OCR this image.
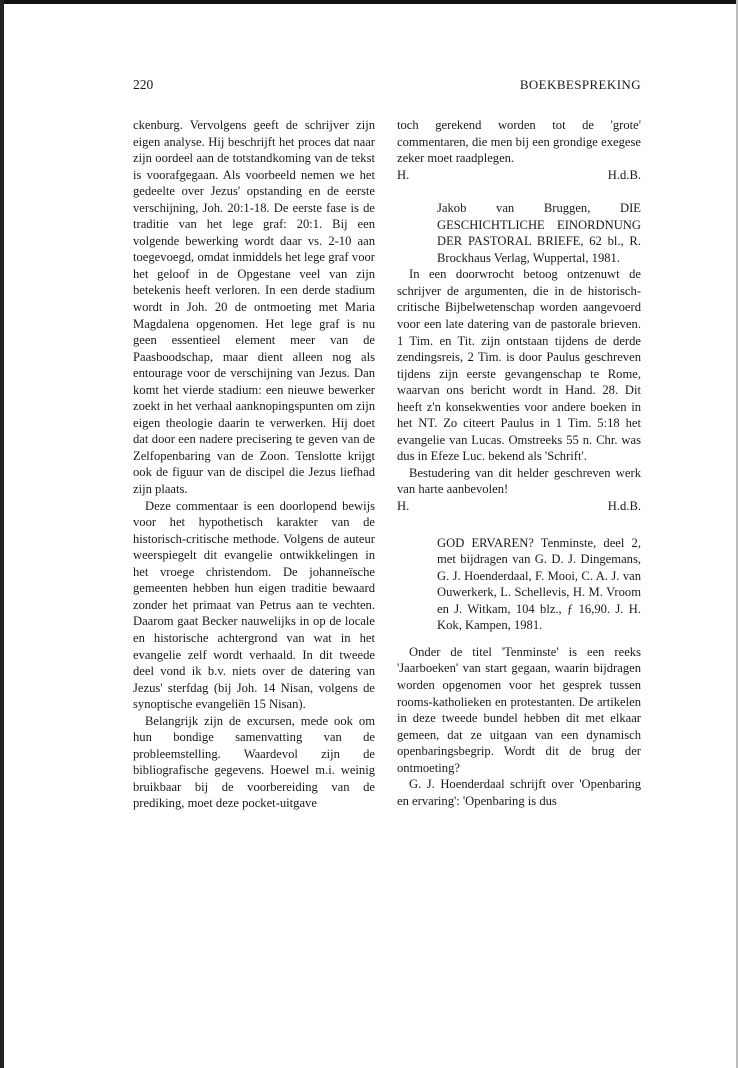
220	BOEKBESPREKING

ckenburg. Vervolgens geeft de schrijver zijn eigen analyse. Hij beschrijft het proces dat naar zijn oordeel aan de totstandkoming van de tekst is voorafgegaan. Als voorbeeld nemen we het gedeelte over Jezus' opstanding en de eerste verschijning, Joh. 20:1-18. De eerste fase is de traditie van het lege graf: 20:1. Bij een volgende bewerking wordt daar vs. 2-10 aan toegevoegd, omdat inmiddels het lege graf voor het geloof in de Opgestane veel van zijn betekenis heeft verloren. In een derde stadium wordt in Joh. 20 de ontmoeting met Maria Magdalena opgenomen. Het lege graf is nu geen essentieel element meer van de Paasboodschap, maar dient alleen nog als entourage voor de verschijning van Jezus. Dan komt het vierde stadium: een nieuwe bewerker zoekt in het verhaal aanknopingspunten om zijn eigen theologie daarin te verwerken. Hij doet dat door een nadere precisering te geven van de Zelfopenbaring van de Zoon. Tenslotte krijgt ook de figuur van de discipel die Jezus liefhad zijn plaats.

Deze commentaar is een doorlopend bewijs voor het hypothetisch karakter van de historisch-critische methode. Volgens de auteur weerspiegelt dit evangelie ontwikkelingen in het vroege christendom. De johanneïsche gemeenten hebben hun eigen traditie bewaard zonder het primaat van Petrus aan te vechten. Daarom gaat Becker nauwelijks in op de locale en historische achtergrond van wat in het evangelie zelf wordt verhaald. In dit tweede deel vond ik b.v. niets over de datering van Jezus' sterfdag (bij Joh. 14 Nisan, volgens de synoptische evangeliën 15 Nisan).

Belangrijk zijn de excursen, mede ook om hun bondige samenvatting van de probleemstelling. Waardevol zijn de bibliografische gegevens. Hoewel m.i. weinig bruikbaar bij de voorbereiding van de prediking, moet deze pocket-uitgave

toch gerekend worden tot de 'grote' commentaren, die men bij een grondige exegese zeker moet raadplegen.

H.	H.d.B.

Jakob van Bruggen, DIE GESCHICHTLICHE EINORDNUNG DER PASTORAL BRIEFE, 62 bl., R. Brockhaus Verlag, Wuppertal, 1981.

In een doorwrocht betoog ontzenuwt de schrijver de argumenten, die in de historisch-critische Bijbelwetenschap worden aangevoerd voor een late datering van de pastorale brieven. 1 Tim. en Tit. zijn ontstaan tijdens de derde zendingsreis, 2 Tim. is door Paulus geschreven tijdens zijn eerste gevangenschap te Rome, waarvan ons bericht wordt in Hand. 28. Dit heeft z'n konsekwenties voor andere boeken in het NT. Zo citeert Paulus in 1 Tim. 5:18 het evangelie van Lucas. Omstreeks 55 n. Chr. was dus in Efeze Luc. bekend als 'Schrift'.

Bestudering van dit helder geschreven werk van harte aanbevolen!

H.	H.d.B.

GOD ERVAREN? Tenminste, deel 2, met bijdragen van G. D. J. Dingemans, G. J. Hoenderdaal, F. Mooi, C. A. J. van Ouwerkerk, L. Schellevis, H. M. Vroom en J. Witkam, 104 blz., ƒ 16,90. J. H. Kok, Kampen, 1981.

Onder de titel 'Tenminste' is een reeks 'Jaarboeken' van start gegaan, waarin bijdragen worden opgenomen voor het gesprek tussen rooms-katholieken en protestanten. De artikelen in deze tweede bundel hebben dit met elkaar gemeen, dat ze uitgaan van een dynamisch openbaringsbegrip. Wordt dit de brug der ontmoeting?

G. J. Hoenderdaal schrijft over 'Openbaring en ervaring': 'Openbaring is dus
